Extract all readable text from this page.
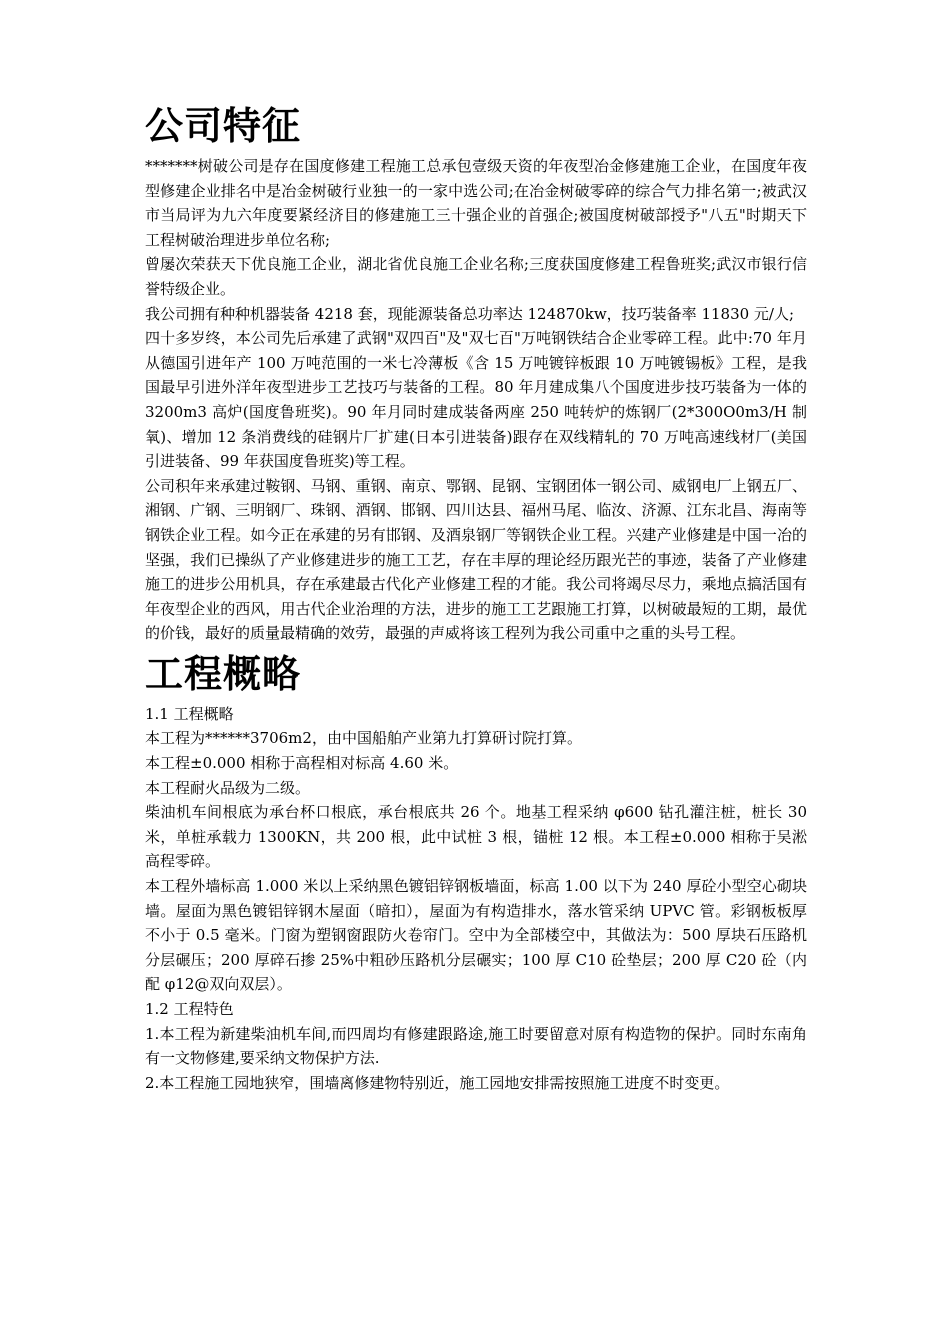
公司特征

*******树破公司是存在国度修建工程施工总承包壹级天资的年夜型冶金修建施工企业，在国度年夜型修建企业排名中是冶金树破行业独一的一家中选公司;在冶金树破零碎的综合气力排名第一;被武汉市当局评为九六年度要紧经济目的修建施工三十强企业的首强企;被国度树破部授予"八五"时期天下工程树破治理进步单位名称;

曾屡次荣获天下优良施工企业，湖北省优良施工企业名称;三度获国度修建工程鲁班奖;武汉市银行信誉特级企业。

我公司拥有种种机器装备 4218 套，现能源装备总功率达 124870kw，技巧装备率 11830 元/人;

四十多岁终，本公司先后承建了武钢"双四百"及"双七百"万吨钢铁结合企业零碎工程。此中:70 年月从德国引进年产 100 万吨范围的一米七冷薄板《含 15 万吨镀锌板跟 10 万吨镀锡板》工程，是我国最早引进外洋年夜型进步工艺技巧与装备的工程。80 年月建成集八个国度进步技巧装备为一体的 3200m3 高炉(国度鲁班奖)。90 年月同时建成装备两座 250 吨转炉的炼钢厂(2*300O0m3/H 制氧)、增加 12 条消费线的硅钢片厂扩建(日本引进装备)跟存在双线精轧的 70 万吨高速线材厂(美国引进装备、99 年获国度鲁班奖)等工程。

公司积年来承建过鞍钢、马钢、重钢、南京、鄂钢、昆钢、宝钢团体一钢公司、威钢电厂上钢五厂、湘钢、广钢、三明钢厂、珠钢、酒钢、邯钢、四川达县、福州马尾、临汝、济源、江东北昌、海南等钢铁企业工程。如今正在承建的另有邯钢、及酒泉钢厂等钢铁企业工程。兴建产业修建是中国一冶的坚强，我们已操纵了产业修建进步的施工工艺，存在丰厚的理论经历跟光芒的事迹，装备了产业修建施工的进步公用机具，存在承建最古代化产业修建工程的才能。我公司将竭尽尽力，乘地点搞活国有年夜型企业的西风，用古代企业治理的方法，进步的施工工艺跟施工打算，以树破最短的工期，最优的价钱，最好的质量最精确的效劳，最强的声威将该工程列为我公司重中之重的头号工程。

工程概略

1.1 工程概略

本工程为******3706m2，由中国船舶产业第九打算研讨院打算。

本工程±0.000 相称于高程相对标高 4.60 米。

本工程耐火品级为二级。

柴油机车间根底为承台杯口根底，承台根底共 26 个。地基工程采纳 φ600 钻孔灌注桩，桩长 30 米，单桩承载力 1300KN，共 200 根，此中试桩 3 根，锚桩 12 根。本工程±0.000 相称于吴淞高程零碎。

本工程外墙标高 1.000 米以上采纳黑色镀铝锌钢板墙面，标高 1.00 以下为 240 厚砼小型空心砌块墙。屋面为黑色镀铝锌钢木屋面（暗扣），屋面为有构造排水，落水管采纳 UPVC 管。彩钢板板厚不小于 0.5 毫米。门窗为塑钢窗跟防火卷帘门。空中为全部楼空中，其做法为：500 厚块石压路机分层碾压；200 厚碎石掺 25%中粗砂压路机分层碾实；100 厚 C10 砼垫层；200 厚 C20 砼（内配 φ12@双向双层）。

1.2 工程特色

1.本工程为新建柴油机车间,而四周均有修建跟路途,施工时要留意对原有构造物的保护。同时东南角有一文物修建,要采纳文物保护方法.

2.本工程施工园地狭窄，围墙离修建物特别近，施工园地安排需按照施工进度不时变更。
